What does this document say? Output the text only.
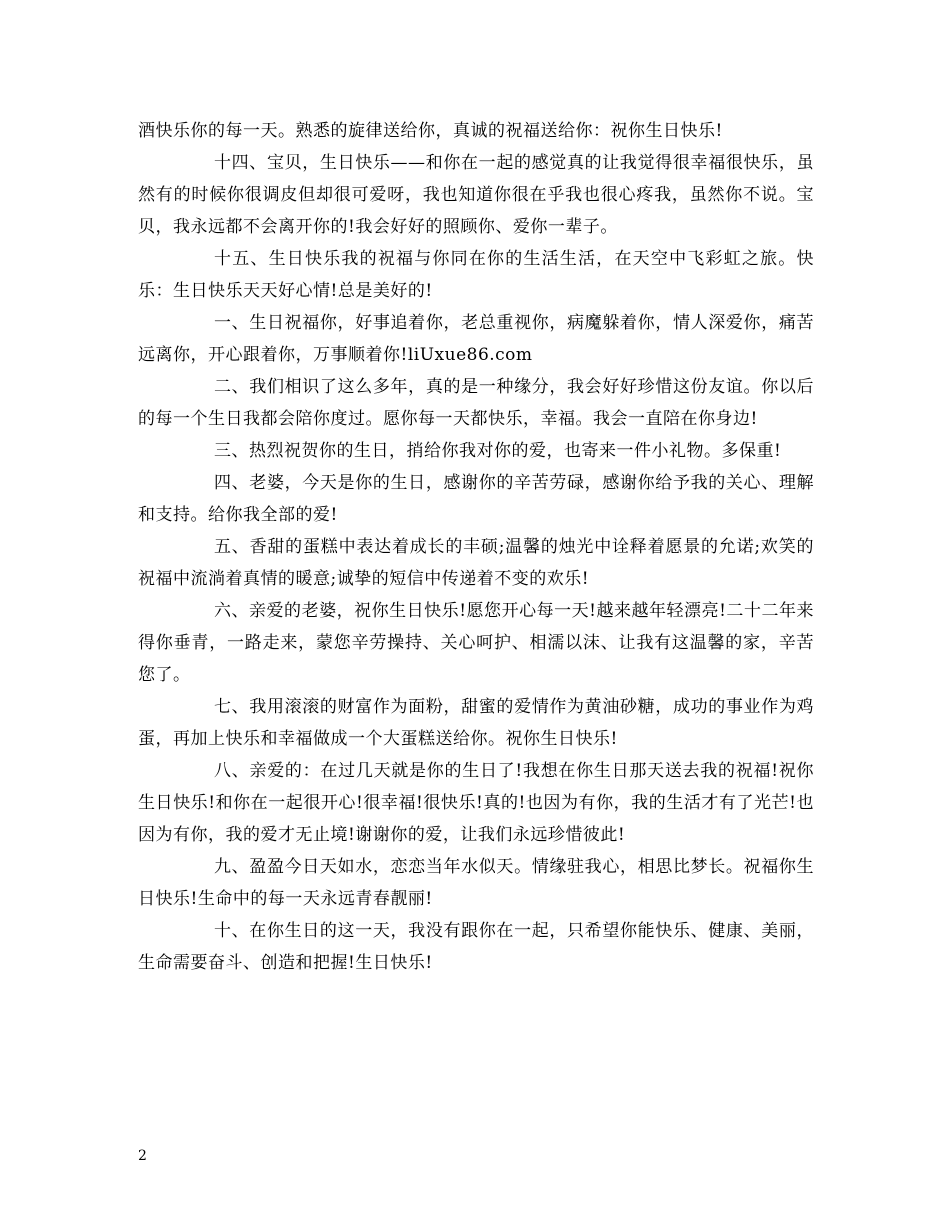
酒快乐你的每一天。熟悉的旋律送给你，真诚的祝福送给你：祝你生日快乐!

十四、宝贝，生日快乐——和你在一起的感觉真的让我觉得很幸福很快乐，虽然有的时候你很调皮但却很可爱呀，我也知道你很在乎我也很心疼我，虽然你不说。宝贝，我永远都不会离开你的!我会好好的照顾你、爱你一辈子。

十五、生日快乐我的祝福与你同在你的生活生活，在天空中飞彩虹之旅。快乐：生日快乐天天好心情!总是美好的!

一、生日祝福你，好事追着你，老总重视你，病魔躲着你，情人深爱你，痛苦远离你，开心跟着你，万事顺着你!liUxue86.com

二、我们相识了这么多年，真的是一种缘分，我会好好珍惜这份友谊。你以后的每一个生日我都会陪你度过。愿你每一天都快乐，幸福。我会一直陪在你身边!

三、热烈祝贺你的生日，捎给你我对你的爱，也寄来一件小礼物。多保重!

四、老婆，今天是你的生日，感谢你的辛苦劳碌，感谢你给予我的关心、理解和支持。给你我全部的爱!

五、香甜的蛋糕中表达着成长的丰硕;温馨的烛光中诠释着愿景的允诺;欢笑的祝福中流淌着真情的暖意;诚挚的短信中传递着不变的欢乐!

六、亲爱的老婆，祝你生日快乐!愿您开心每一天!越来越年轻漂亮!二十二年来得你垂青，一路走来，蒙您辛劳操持、关心呵护、相濡以沫、让我有这温馨的家，辛苦您了。

七、我用滚滚的财富作为面粉，甜蜜的爱情作为黄油砂糖，成功的事业作为鸡蛋，再加上快乐和幸福做成一个大蛋糕送给你。祝你生日快乐!

八、亲爱的：在过几天就是你的生日了!我想在你生日那天送去我的祝福!祝你生日快乐!和你在一起很开心!很幸福!很快乐!真的!也因为有你，我的生活才有了光芒!也因为有你，我的爱才无止境!谢谢你的爱，让我们永远珍惜彼此!

九、盈盈今日天如水，恋恋当年水似天。情缘驻我心，相思比梦长。祝福你生日快乐!生命中的每一天永远青春靓丽!

十、在你生日的这一天，我没有跟你在一起，只希望你能快乐、健康、美丽，生命需要奋斗、创造和把握!生日快乐!

2
